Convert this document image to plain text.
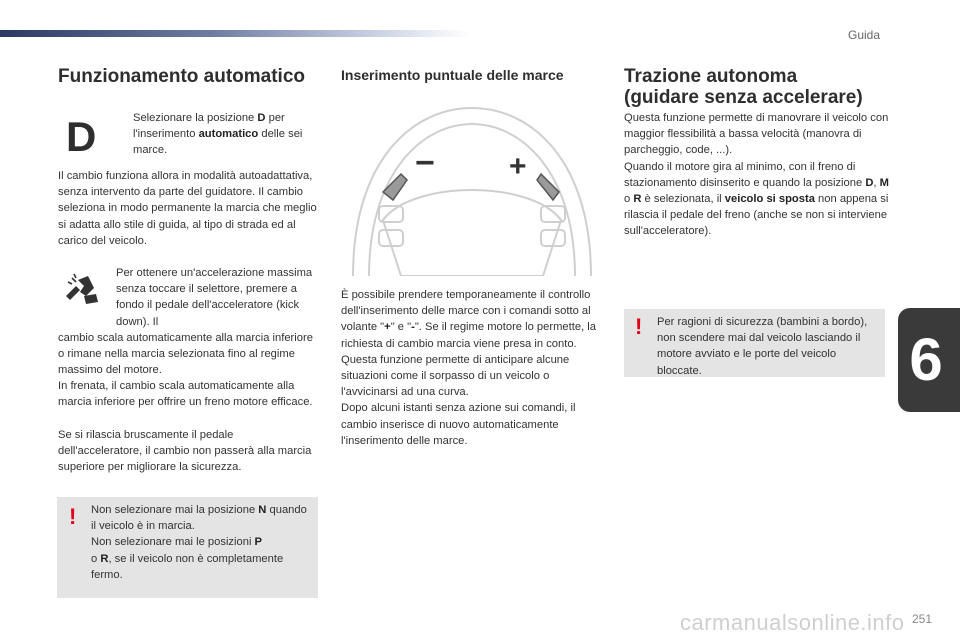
Guida
Funzionamento automatico
D	Selezionare la posizione D per l'inserimento automatico delle sei marce.

Il cambio funziona allora in modalità autoadattativa, senza intervento da parte del guidatore. Il cambio seleziona in modo permanente la marcia che meglio si adatta allo stile di guida, al tipo di strada ed al carico del veicolo.

Per ottenere un'accelerazione massima senza toccare il selettore, premere a fondo il pedale dell'acceleratore (kick down). Il

cambio scala automaticamente alla marcia inferiore o rimane nella marcia selezionata fino al regime massimo del motore.

In frenata, il cambio scala automaticamente alla marcia inferiore per offrire un freno motore efficace.

Se si rilascia bruscamente il pedale dell'acceleratore, il cambio non passerà alla marcia superiore per migliorare la sicurezza.

! Non selezionare mai la posizione N quando il veicolo è in marcia.
Non selezionare mai le posizioni P
o R, se il veicolo non è completamente fermo.

Inserimento puntuale delle marce
− +

È possibile prendere temporaneamente il controllo dell'inserimento delle marce con i comandi sotto al volante "+" e "-". Se il regime motore lo permette, la richiesta di cambio marcia viene presa in conto.

Questa funzione permette di anticipare alcune situazioni come il sorpasso di un veicolo o l'avvicinarsi ad una curva.

Dopo alcuni istanti senza azione sui comandi, il cambio inserisce di nuovo automaticamente l'inserimento delle marce.

Trazione autonoma
(guidare senza accelerare)

Questa funzione permette di manovrare il veicolo con maggior flessibilità a bassa velocità (manovra di parcheggio, code, ...).

Quando il motore gira al minimo, con il freno di stazionamento disinserito e quando la posizione D, M o R è selezionata, il veicolo si sposta non appena si rilascia il pedale del freno (anche se non si interviene sull'acceleratore).

! Per ragioni di sicurezza (bambini a bordo), non scendere mai dal veicolo lasciando il motore avviato e le porte del veicolo bloccate.	6
carmanualsonline.info 251
